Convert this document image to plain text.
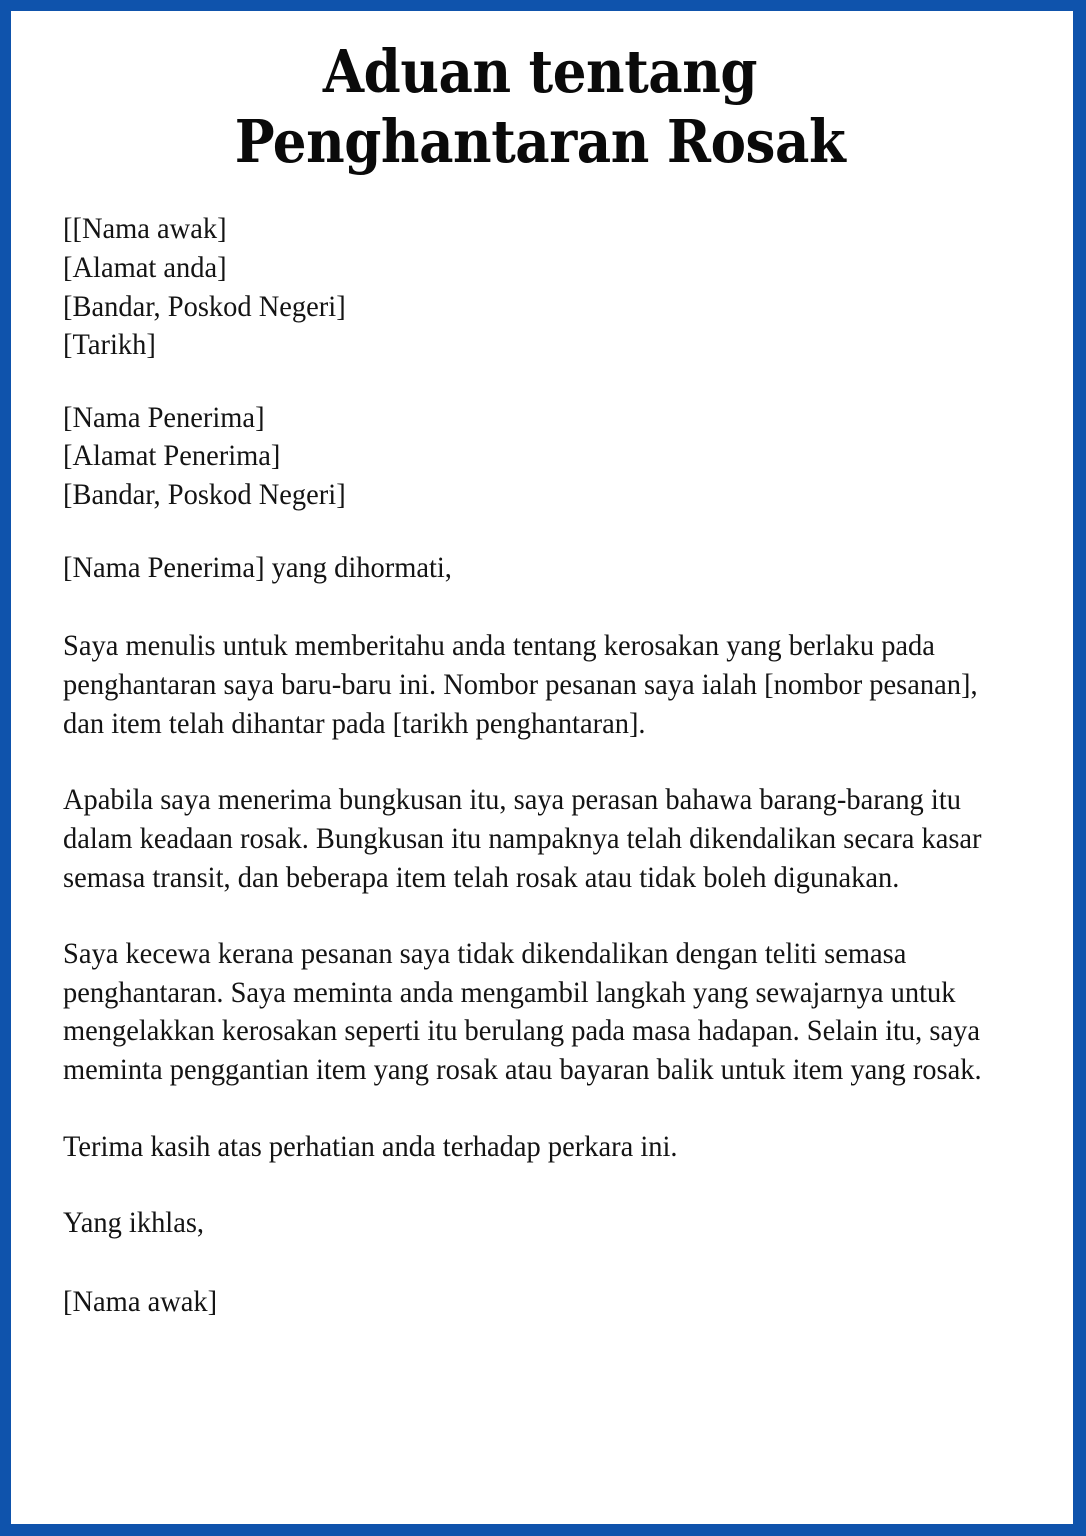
Aduan tentang Penghantaran Rosak
[[Nama awak]
[Alamat anda]
[Bandar, Poskod Negeri]
[Tarikh]
[Nama Penerima]
[Alamat Penerima]
[Bandar, Poskod Negeri]

[Nama Penerima] yang dihormati,

Saya menulis untuk memberitahu anda tentang kerosakan yang berlaku pada penghantaran saya baru-baru ini. Nombor pesanan saya ialah [nombor pesanan], dan item telah dihantar pada [tarikh penghantaran].

Apabila saya menerima bungkusan itu, saya perasan bahawa barang-barang itu dalam keadaan rosak. Bungkusan itu nampaknya telah dikendalikan secara kasar semasa transit, dan beberapa item telah rosak atau tidak boleh digunakan.

Saya kecewa kerana pesanan saya tidak dikendalikan dengan teliti semasa penghantaran. Saya meminta anda mengambil langkah yang sewajarnya untuk mengelakkan kerosakan seperti itu berulang pada masa hadapan. Selain itu, saya meminta penggantian item yang rosak atau bayaran balik untuk item yang rosak.

Terima kasih atas perhatian anda terhadap perkara ini.

Yang ikhlas,

[Nama awak]
